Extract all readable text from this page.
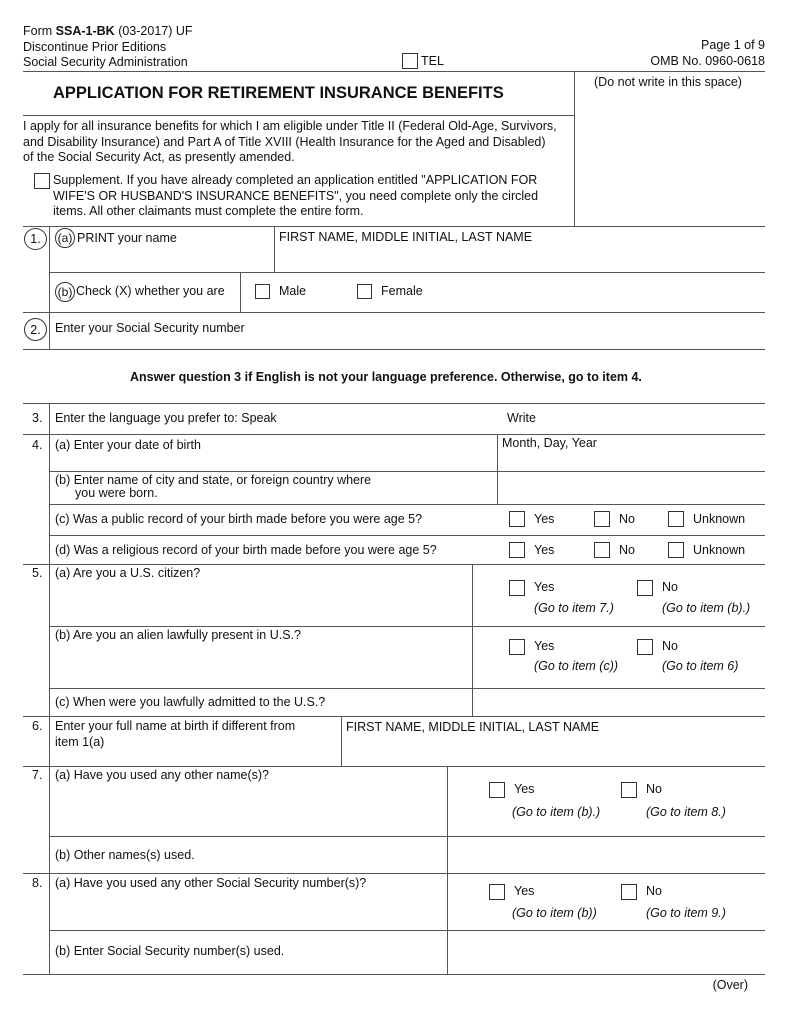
Form SSA-1-BK (03-2017) UF
Discontinue Prior Editions
Social Security Administration	TEL
Page 1 of 9
OMB No. 0960-0618
(Do not write in this space)
APPLICATION FOR RETIREMENT INSURANCE BENEFITS
I apply for all insurance benefits for which I am eligible under Title II (Federal Old-Age, Survivors,
and Disability Insurance) and Part A of Title XVIII (Health Insurance for the Aged and Disabled)
of the Social Security Act, as presently amended.
Supplement. If you have already completed an application entitled "APPLICATION FOR
WIFE'S OR HUSBAND'S INSURANCE BENEFITS", you need complete only the circled
items. All other claimants must complete the entire form.
1.	(a) PRINT your name	FIRST NAME, MIDDLE INITIAL, LAST NAME
(b) Check (X) whether you are	Male	Female
2.	Enter your Social Security number
Answer question 3 if English is not your language preference. Otherwise, go to item 4.
3. Enter the language you prefer to: Speak	Write
4. (a) Enter your date of birth	Month, Day, Year
(b) Enter name of city and state, or foreign country where
you were born.
(c) Was a public record of your birth made before you were age 5?	Yes	No	Unknown
(d) Was a religious record of your birth made before you were age 5?	Yes	No	Unknown
5. (a) Are you a U.S. citizen?
Yes	No
(Go to item 7.)	(Go to item (b).)
(b) Are you an alien lawfully present in U.S.?
Yes	No
(Go to item (c))	(Go to item 6)
(c) When were you lawfully admitted to the U.S.?
6. Enter your full name at birth if different from
item 1(a)
FIRST NAME, MIDDLE INITIAL, LAST NAME
7. (a) Have you used any other name(s)?
Yes	No
(Go to item (b).)	(Go to item 8.)
(b) Other names(s) used.
8. (a) Have you used any other Social Security number(s)?
Yes	No
(Go to item (b))	(Go to item 9.)
(b) Enter Social Security number(s) used.
(Over)
